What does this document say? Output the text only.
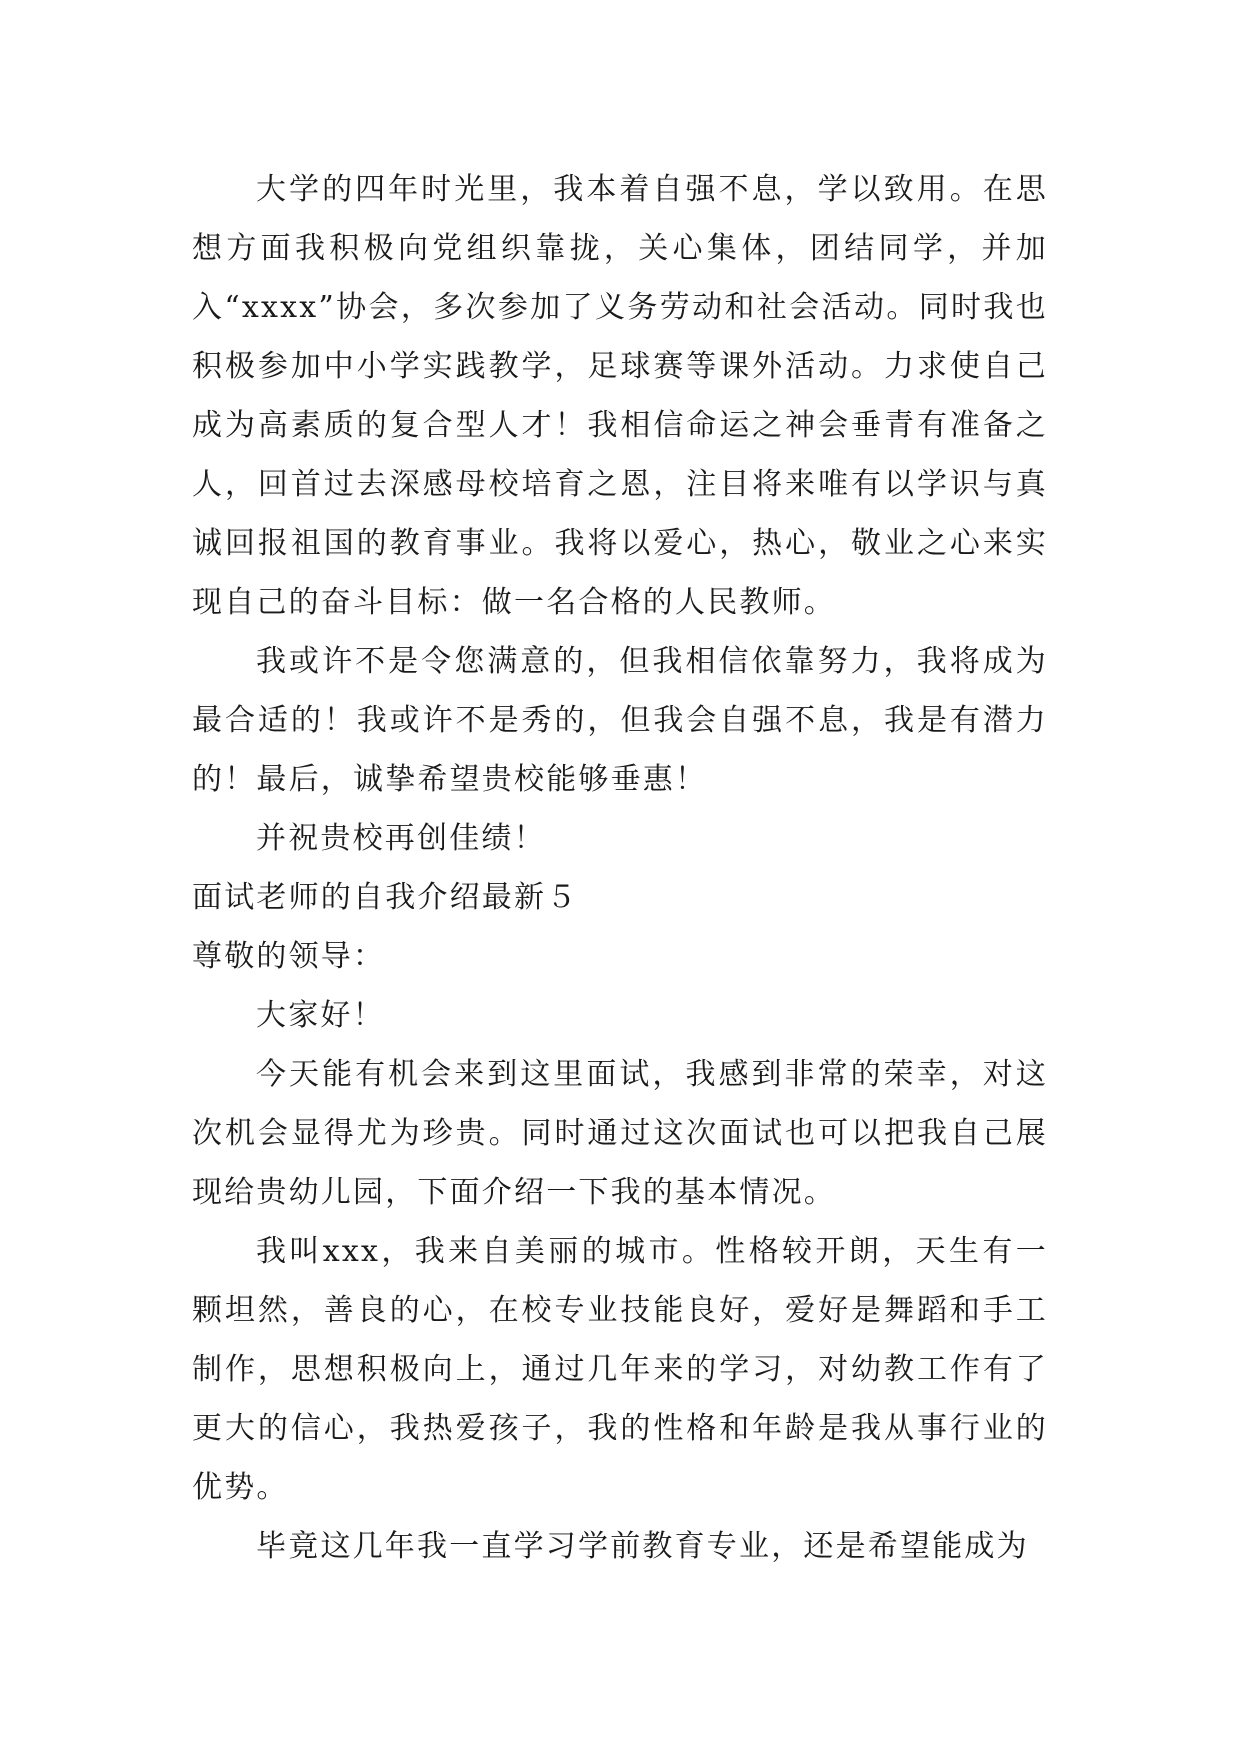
大学的四年时光里，我本着自强不息，学以致用。在思想方面我积极向党组织靠拢，关心集体，团结同学，并加入“xxxx”协会，多次参加了义务劳动和社会活动。同时我也积极参加中小学实践教学，足球赛等课外活动。力求使自己成为高素质的复合型人才！我相信命运之神会垂青有准备之人，回首过去深感母校培育之恩，注目将来唯有以学识与真诚回报祖国的教育事业。我将以爱心，热心，敬业之心来实现自己的奋斗目标：做一名合格的人民教师。

我或许不是令您满意的，但我相信依靠努力，我将成为最合适的！我或许不是秀的，但我会自强不息，我是有潜力的！最后，诚挚希望贵校能够垂惠！

并祝贵校再创佳绩！

面试老师的自我介绍最新５

尊敬的领导：

大家好！

今天能有机会来到这里面试，我感到非常的荣幸，对这次机会显得尤为珍贵。同时通过这次面试也可以把我自己展现给贵幼儿园，下面介绍一下我的基本情况。

我叫xxx，我来自美丽的城市。性格较开朗，天生有一颗坦然，善良的心，在校专业技能良好，爱好是舞蹈和手工制作，思想积极向上，通过几年来的学习，对幼教工作有了更大的信心，我热爱孩子，我的性格和年龄是我从事行业的优势。

毕竟这几年我一直学习学前教育专业，还是希望能成为
